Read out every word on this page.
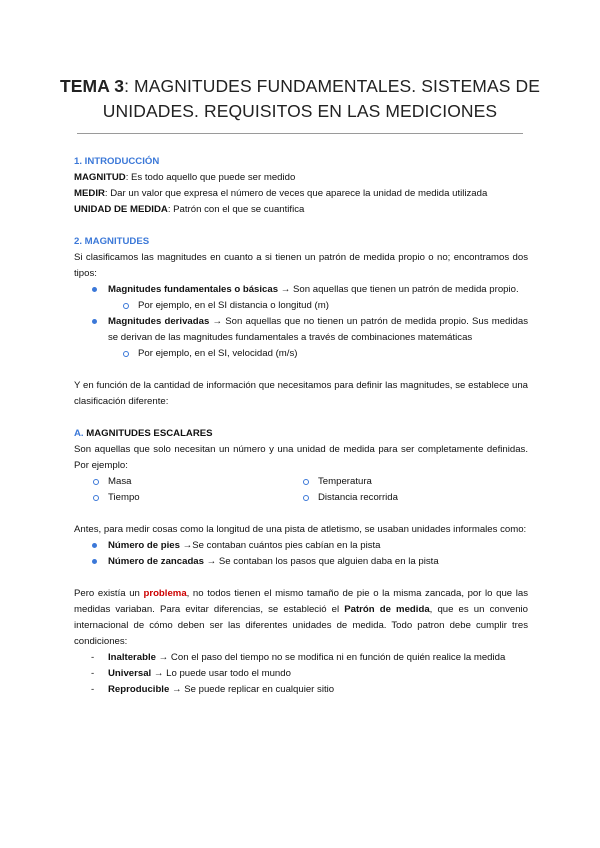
TEMA 3: MAGNITUDES FUNDAMENTALES. SISTEMAS DE
UNIDADES. REQUISITOS EN LAS MEDICIONES
1. INTRODUCCIÓN
MAGNITUD: Es todo aquello que puede ser medido
MEDIR: Dar un valor que expresa el número de veces que aparece la unidad de medida utilizada
UNIDAD DE MEDIDA: Patrón con el que se cuantifica
2. MAGNITUDES
Si clasificamos las magnitudes en cuanto a si tienen un patrón de medida propio o no; encontramos dos tipos:
Magnitudes fundamentales o básicas → Son aquellas que tienen un patrón de medida propio.
Por ejemplo, en el SI distancia o longitud (m)
Magnitudes derivadas → Son aquellas que no tienen un patrón de medida propio. Sus medidas se derivan de las magnitudes fundamentales a través de combinaciones matemáticas
Por ejemplo, en el SI, velocidad (m/s)
Y en función de la cantidad de información que necesitamos para definir las magnitudes, se establece una clasificación diferente:
A. MAGNITUDES ESCALARES
Son aquellas que solo necesitan un número y una unidad de medida para ser completamente definidas. Por ejemplo:
Masa
Tiempo
Temperatura
Distancia recorrida
Antes, para medir cosas como la longitud de una pista de atletismo, se usaban unidades informales como:
Número de pies →Se contaban cuántos pies cabían en la pista
Número de zancadas → Se contaban los pasos que alguien daba en la pista
Pero existía un problema, no todos tienen el mismo tamaño de pie o la misma zancada, por lo que las medidas variaban. Para evitar diferencias, se estableció el Patrón de medida, que es un convenio internacional de cómo deben ser las diferentes unidades de medida. Todo patron debe cumplir tres condiciones:
- Inalterable → Con el paso del tiempo no se modifica ni en función de quién realice la medida
- Universal → Lo puede usar todo el mundo
- Reproducible → Se puede replicar en cualquier sitio
